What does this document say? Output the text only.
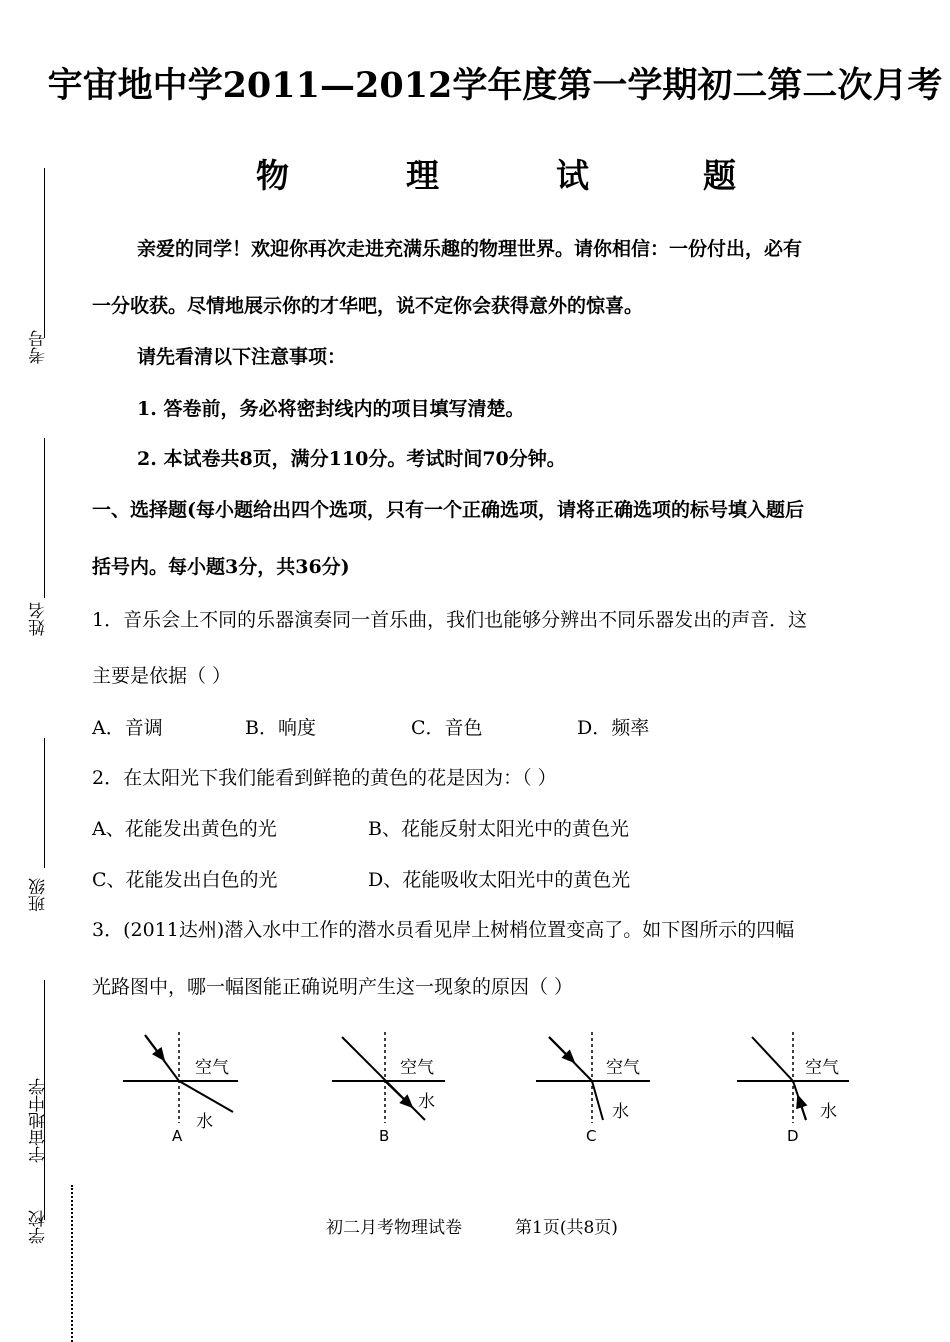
考号
姓名
班级
宇宙地中学
学校
宇宙地中学2011—2012学年度第一学期初二第二次月考
物	理	试	题
亲爱的同学！欢迎你再次走进充满乐趣的物理世界。请你相信：一份付出，必有
一分收获。尽情地展示你的才华吧，说不定你会获得意外的惊喜。
请先看清以下注意事项：
1. 答卷前，务必将密封线内的项目填写清楚。
2. 本试卷共8页，满分110分。考试时间70分钟。
一、选择题(每小题给出四个选项，只有一个正确选项，请将正确选项的标号填入题后
括号内。每小题3分，共36分)
1．音乐会上不同的乐器演奏同一首乐曲，我们也能够分辨出不同乐器发出的声音．这
主要是依据（ ）
A．音调	B．响度	C．音色	D．频率
2．在太阳光下我们能看到鲜艳的黄色的花是因为：（ ）
A、花能发出黄色的光	B、花能反射太阳光中的黄色光
C、花能发出白色的光	D、花能吸收太阳光中的黄色光
3．(2011达州)潜入水中工作的潜水员看见岸上树梢位置变高了。如下图所示的四幅
光路图中，哪一幅图能正确说明产生这一现象的原因（ ）
空气
水
A
空气
水
B
空气
水
C
空气
水
D
初二月考物理试卷	第1页(共8页)
